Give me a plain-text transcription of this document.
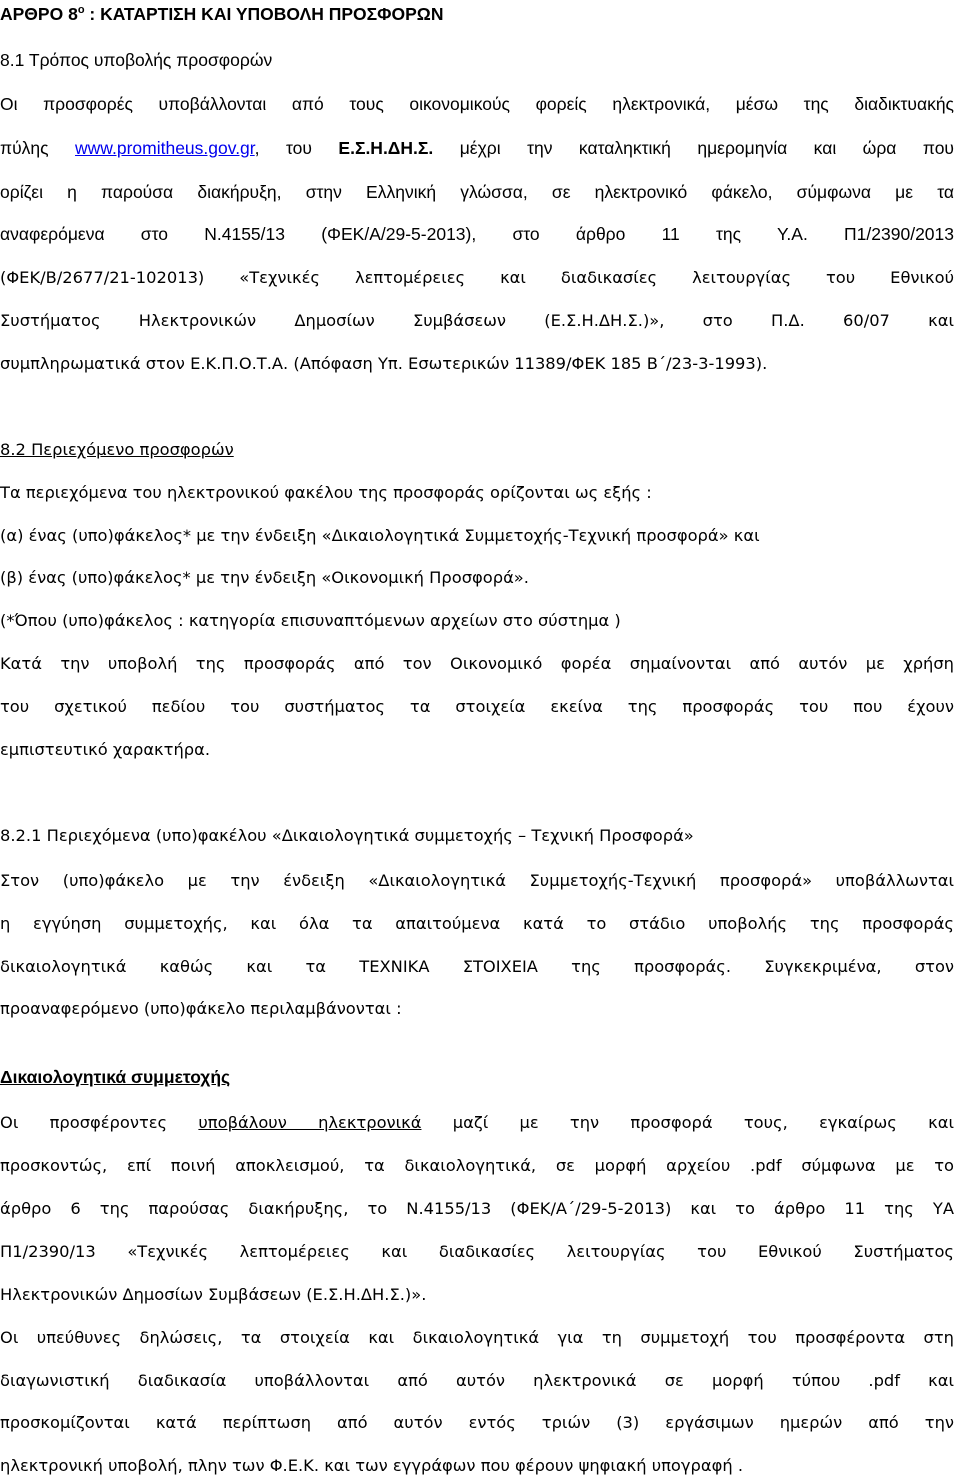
ΑΡΘΡΟ $8^o$ : ΚΑΤΑΡΤΙΣΗ ΚΑΙ ΥΠΟΒΟΛΗ ΠΡΟΣΦΟΡΩΝ
8.1 Τρόπος υποβολής προσφορών
Οι προσφορές υποβάλλονται από τους οικονομικούς φορείς ηλεκτρονικά, μέσω της διαδικτυακής
πύλης www.promitheus.gov.gr, του Ε.Σ.Η.ΔΗ.Σ. μέχρι την καταληκτική ημερομηνία και ώρα που
ορίζει η παρούσα διακήρυξη, στην Ελληνική γλώσσα, σε ηλεκτρονικό φάκελο, σύμφωνα με τα
αναφερόμενα στο Ν.4155/13 (ΦΕΚ/Α/29-5-2013), στο άρθρο 11 της Υ.Α. Π1/2390/2013
(ΦΕΚ/Β/2677/21-102013) «Τεχνικές λεπτομέρειες και διαδικασίες λειτουργίας του Εθνικού
Συστήματος Ηλεκτρονικών Δημοσίων Συμβάσεων (Ε.Σ.Η.ΔΗ.Σ.)», στο Π.Δ. 60/07 και
συμπληρωματικά στον Ε.Κ.Π.Ο.Τ.Α. (Απόφαση Υπ. Εσωτερικών 11389/ΦΕΚ 185 Β΄/23-3-1993).
8.2 Περιεχόμενο προσφορών
Τα περιεχόμενα του ηλεκτρονικού φακέλου της προσφοράς ορίζονται ως εξής :
(α) ένας (υπο)φάκελος* με την ένδειξη «Δικαιολογητικά Συμμετοχής-Τεχνική προσφορά» και
(β) ένας (υπο)φάκελος* με την ένδειξη «Οικονομική Προσφορά».
(*Όπου (υπο)φάκελος : κατηγορία επισυναπτόμενων αρχείων στο σύστημα )
Κατά την υποβολή της προσφοράς από τον Οικονομικό φορέα σημαίνονται από αυτόν με χρήση
του σχετικού πεδίου του συστήματος τα στοιχεία εκείνα της προσφοράς του που έχουν
εμπιστευτικό χαρακτήρα.
8.2.1 Περιεχόμενα (υπο)φακέλου «Δικαιολογητικά συμμετοχής – Τεχνική Προσφορά»
Στον (υπο)φάκελο με την ένδειξη «Δικαιολογητικά Συμμετοχής-Τεχνική προσφορά» υποβάλλωνται
η εγγύηση συμμετοχής, και όλα τα απαιτούμενα κατά το στάδιο υποβολής της προσφοράς
δικαιολογητικά καθώς και τα ΤΕΧΝΙΚΑ ΣΤΟΙΧΕΙΑ της προσφοράς. Συγκεκριμένα, στον
προαναφερόμενο (υπο)φάκελο περιλαμβάνονται :
Δικαιολογητικά συμμετοχής
Οι προσφέροντες υποβάλουν ηλεκτρονικά μαζί με την προσφορά τους, εγκαίρως και
προσκοντώς, επί ποινή αποκλεισμού, τα δικαιολογητικά, σε μορφή αρχείου .pdf σύμφωνα με το
άρθρο 6 της παρούσας διακήρυξης, το Ν.4155/13 (ΦΕΚ/Α΄/29-5-2013) και το άρθρο 11 της ΥΑ
Π1/2390/13 «Τεχνικές λεπτομέρειες και διαδικασίες λειτουργίας του Εθνικού Συστήματος
Ηλεκτρονικών Δημοσίων Συμβάσεων (Ε.Σ.Η.ΔΗ.Σ.)».
Οι υπεύθυνες δηλώσεις, τα στοιχεία και δικαιολογητικά για τη συμμετοχή του προσφέροντα στη
διαγωνιστική διαδικασία υποβάλλονται από αυτόν ηλεκτρονικά σε μορφή τύπου .pdf και
προσκομίζονται κατά περίπτωση από αυτόν εντός τριών (3) εργάσιμων ημερών από την
ηλεκτρονική υποβολή, πλην των Φ.Ε.Κ. και των εγγράφων που φέρουν ψηφιακή υπογραφή .
